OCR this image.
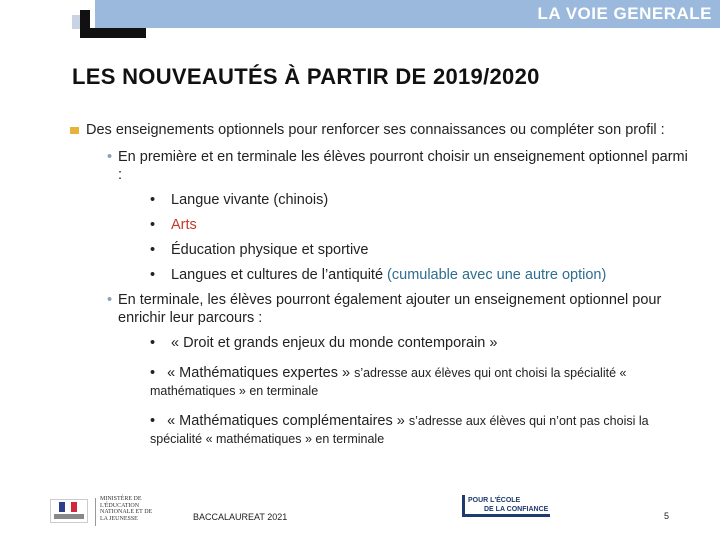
LA VOIE GENERALE
LES NOUVEAUTÉS À PARTIR DE 2019/2020
Des enseignements optionnels pour renforcer ses connaissances ou compléter son profil :
• En première et en terminale les élèves pourront choisir un enseignement optionnel parmi :
• Langue vivante (chinois)
• Arts
• Éducation physique et sportive
• Langues et cultures de l’antiquité (cumulable avec une autre option)
• En terminale, les élèves pourront également ajouter un enseignement optionnel pour enrichir leur parcours :
• « Droit et grands enjeux du monde contemporain »
• « Mathématiques expertes » s’adresse aux élèves qui ont choisi la spécialité « mathématiques » en terminale
• « Mathématiques complémentaires » s’adresse aux élèves qui n’ont pas choisi la spécialité « mathématiques » en terminale
MINISTÈRE DE L'ÉDUCATION NATIONALE ET DE LA JEUNESSE	BACCALAUREAT 2021
POUR L'ÉCOLE
DE LA CONFIANCE
5
